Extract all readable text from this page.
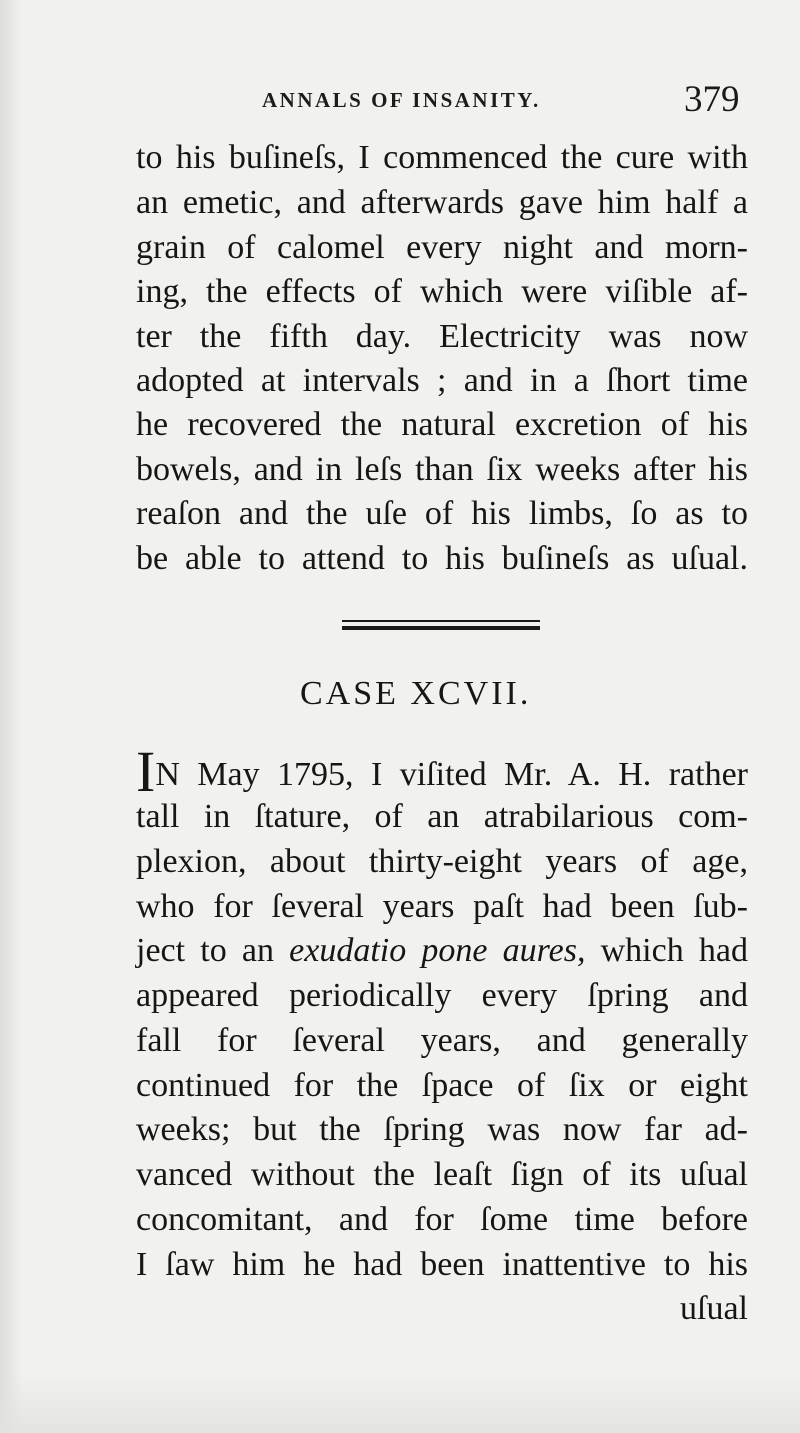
ANNALS OF INSANITY.	379
to his buſineſs, I commenced the cure with
an emetic, and afterwards gave him half a
grain of calomel every night and morn-
ing, the effects of which were viſible af-
ter the fifth day. Electricity was now
adopted at intervals ; and in a ſhort time
he recovered the natural excretion of his
bowels, and in leſs than ſix weeks after his
reaſon and the uſe of his limbs, ſo as to
be able to attend to his buſineſs as uſual.
CASE XCVII.
IN May 1795, I viſited Mr. A. H. rather
tall in ſtature, of an atrabilarious com-
plexion, about thirty-eight years of age,
who for ſeveral years paſt had been ſub-
ject to an exudatio pone aures, which had
appeared periodically every ſpring and
fall for ſeveral years, and generally
continued for the ſpace of ſix or eight
weeks; but the ſpring was now far ad-
vanced without the leaſt ſign of its uſual
concomitant, and for ſome time before
I ſaw him he had been inattentive to his
uſual
